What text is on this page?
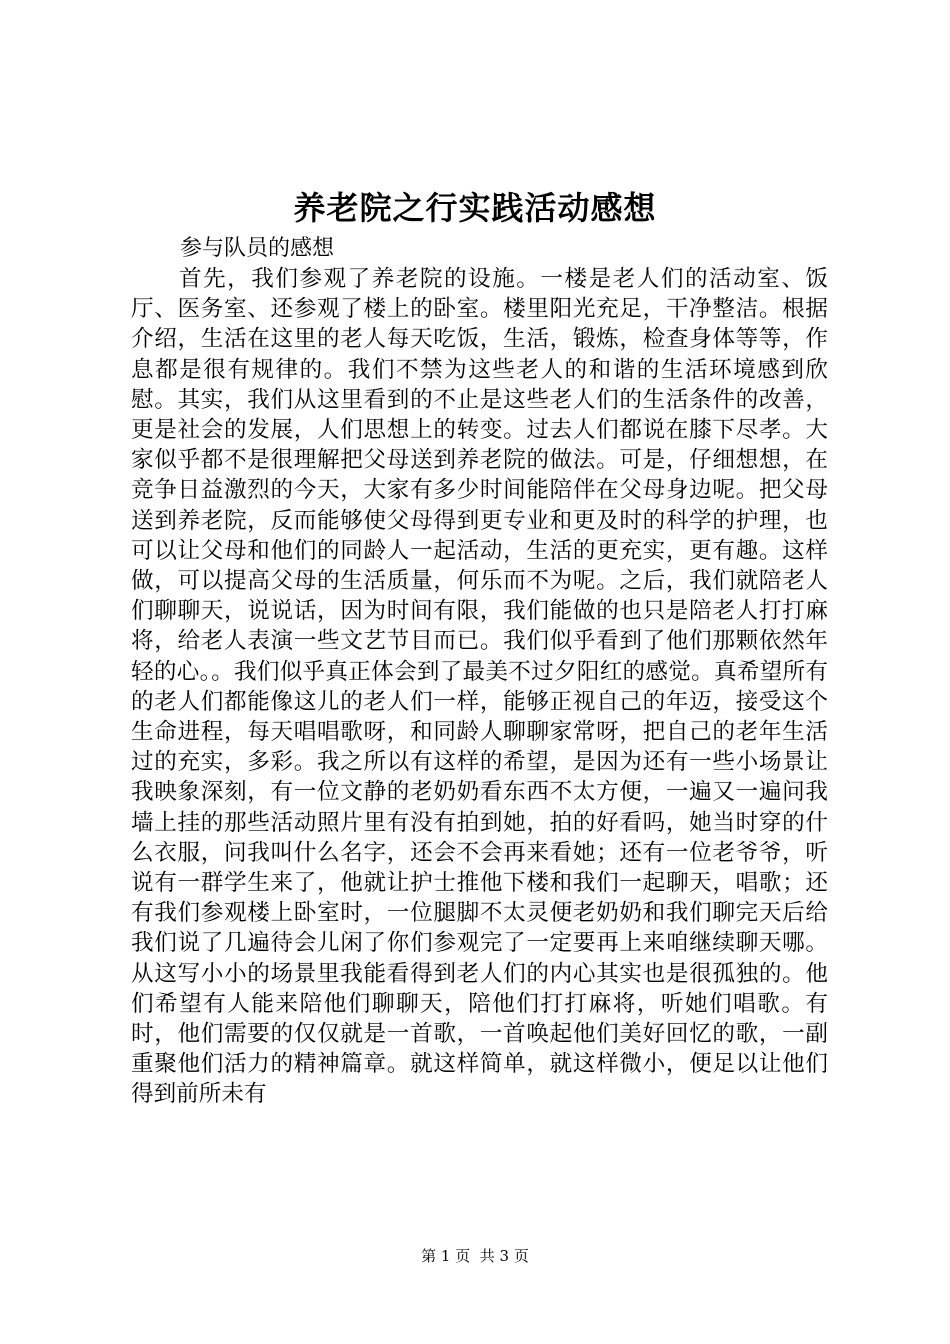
养老院之行实践活动感想
参与队员的感想

首先，我们参观了养老院的设施。一楼是老人们的活动室、饭厅、医务室、还参观了楼上的卧室。楼里阳光充足，干净整洁。根据介绍，生活在这里的老人每天吃饭，生活，锻炼，检查身体等等，作息都是很有规律的。我们不禁为这些老人的和谐的生活环境感到欣慰。其实，我们从这里看到的不止是这些老人们的生活条件的改善，更是社会的发展，人们思想上的转变。过去人们都说在膝下尽孝。大家似乎都不是很理解把父母送到养老院的做法。可是，仔细想想，在竞争日益激烈的今天，大家有多少时间能陪伴在父母身边呢。把父母送到养老院，反而能够使父母得到更专业和更及时的科学的护理，也可以让父母和他们的同龄人一起活动，生活的更充实，更有趣。这样做，可以提高父母的生活质量，何乐而不为呢。之后，我们就陪老人们聊聊天，说说话，因为时间有限，我们能做的也只是陪老人打打麻将，给老人表演一些文艺节目而已。我们似乎看到了他们那颗依然年轻的心。。我们似乎真正体会到了最美不过夕阳红的感觉。真希望所有的老人们都能像这儿的老人们一样，能够正视自己的年迈，接受这个生命进程，每天唱唱歌呀，和同龄人聊聊家常呀，把自己的老年生活过的充实，多彩。我之所以有这样的希望，是因为还有一些小场景让我映象深刻，有一位文静的老奶奶看东西不太方便，一遍又一遍问我墙上挂的那些活动照片里有没有拍到她，拍的好看吗，她当时穿的什么衣服，问我叫什么名字，还会不会再来看她；还有一位老爷爷，听说有一群学生来了，他就让护士推他下楼和我们一起聊天，唱歌；还有我们参观楼上卧室时，一位腿脚不太灵便老奶奶和我们聊完天后给我们说了几遍待会儿闲了你们参观完了一定要再上来咱继续聊天哪。从这写小小的场景里我能看得到老人们的内心其实也是很孤独的。他们希望有人能来陪他们聊聊天，陪他们打打麻将，听她们唱歌。有时，他们需要的仅仅就是一首歌，一首唤起他们美好回忆的歌，一副重聚他们活力的精神篇章。就这样简单，就这样微小，便足以让他们得到前所未有

第 1 页 共 3 页
